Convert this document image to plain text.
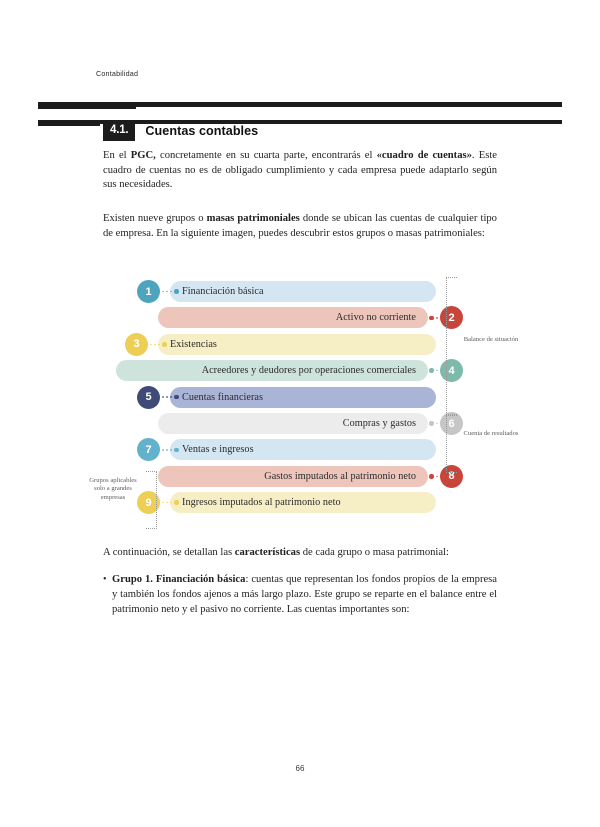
Contabilidad
4.1.	Cuentas contables

En el PGC, concretamente en su cuarta parte, encontrarás el «cuadro de cuentas». Este cuadro de cuentas no es de obligado cumplimiento y cada empresa puede adaptarlo según sus necesidades.

Existen nueve grupos o masas patrimoniales donde se ubican las cuentas de cualquier tipo de empresa. En la siguiente imagen, puedes descubrir estos grupos o masas patrimoniales:

Financiación básica
1
Activo no corriente	2
Existencias
3
Acreedores y deudores por operaciones comerciales	4
Cuentas financieras
5
Compras y gastos	6
Ventas e ingresos
7
Gastos imputados al patrimonio neto	8
Ingresos imputados al patrimonio neto
9
Balance de situación
Cuenta de resultados
Grupos aplicables solo a grandes empresas

A continuación, se detallan las características de cada grupo o masa patrimonial:

• Grupo 1. Financiación básica: cuentas que representan los fondos propios de la empresa y también los fondos ajenos a más largo plazo. Este grupo se reparte en el balance entre el patrimonio neto y el pasivo no corriente. Las cuentas importantes son:
66
